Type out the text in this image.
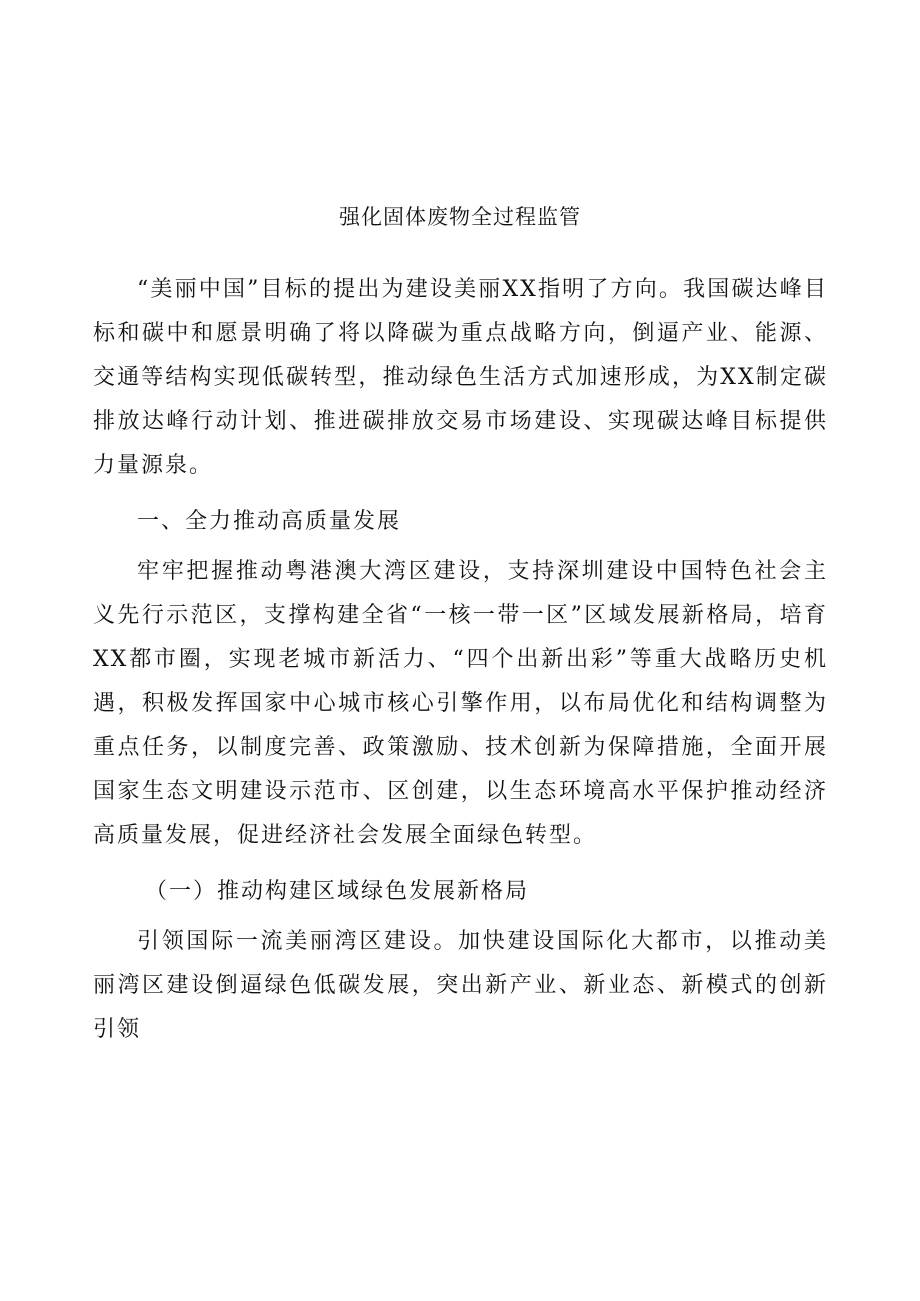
强化固体废物全过程监管

“美丽中国”目标的提出为建设美丽XX指明了方向。我国碳达峰目标和碳中和愿景明确了将以降碳为重点战略方向，倒逼产业、能源、交通等结构实现低碳转型，推动绿色生活方式加速形成，为XX制定碳排放达峰行动计划、推进碳排放交易市场建设、实现碳达峰目标提供力量源泉。

一、全力推动高质量发展

牢牢把握推动粤港澳大湾区建设，支持深圳建设中国特色社会主义先行示范区，支撑构建全省“一核一带一区”区域发展新格局，培育XX都市圈，实现老城市新活力、“四个出新出彩”等重大战略历史机遇，积极发挥国家中心城市核心引擎作用，以布局优化和结构调整为重点任务，以制度完善、政策激励、技术创新为保障措施，全面开展国家生态文明建设示范市、区创建，以生态环境高水平保护推动经济高质量发展，促进经济社会发展全面绿色转型。

（一）推动构建区域绿色发展新格局

引领国际一流美丽湾区建设。加快建设国际化大都市，以推动美丽湾区建设倒逼绿色低碳发展，突出新产业、新业态、新模式的创新引领
